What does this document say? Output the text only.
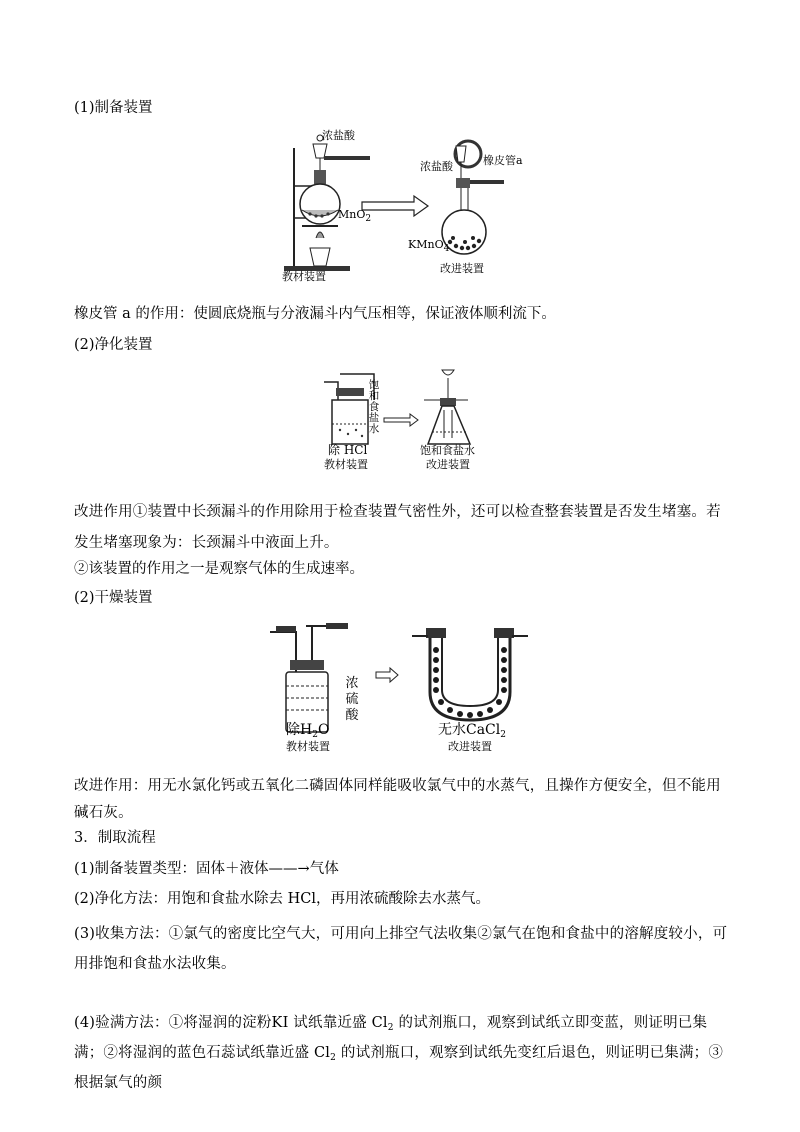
(1)制备装置
浓盐酸
MnO$_2$
教材装置
浓盐酸	橡皮管a
KMnO$_4$
改进装置
橡皮管 a 的作用：使圆底烧瓶与分液漏斗内气压相等，保证液体顺利流下。
(2)净化装置
饱和食盐水
除 HCl
教材装置
饱和食盐水
改进装置
改进作用①装置中长颈漏斗的作用除用于检查装置气密性外，还可以检查整套装置是否发生堵塞。若发生堵塞现象为：长颈漏斗中液面上升。
②该装置的作用之一是观察气体的生成速率。
(2)干燥装置
浓硫酸
除$H_2O$
教材装置
无水CaCl$_2$
改进装置
改进作用：用无水氯化钙或五氧化二磷固体同样能吸收氯气中的水蒸气，且操作方便安全，但不能用碱石灰。
3．制取流程
(1)制备装置类型：固体＋液体——→气体
(2)净化方法：用饱和食盐水除去 HCl，再用浓硫酸除去水蒸气。
(3)收集方法：①氯气的密度比空气大，可用向上排空气法收集②氯气在饱和食盐中的溶解度较小，可用排饱和食盐水法收集。
(4)验满方法：①将湿润的淀粉KI 试纸靠近盛 $Cl_2$ 的试剂瓶口，观察到试纸立即变蓝，则证明已集满；②将湿润的蓝色石蕊试纸靠近盛 $Cl_2$ 的试剂瓶口，观察到试纸先变红后退色，则证明已集满；③根据氯气的颜
